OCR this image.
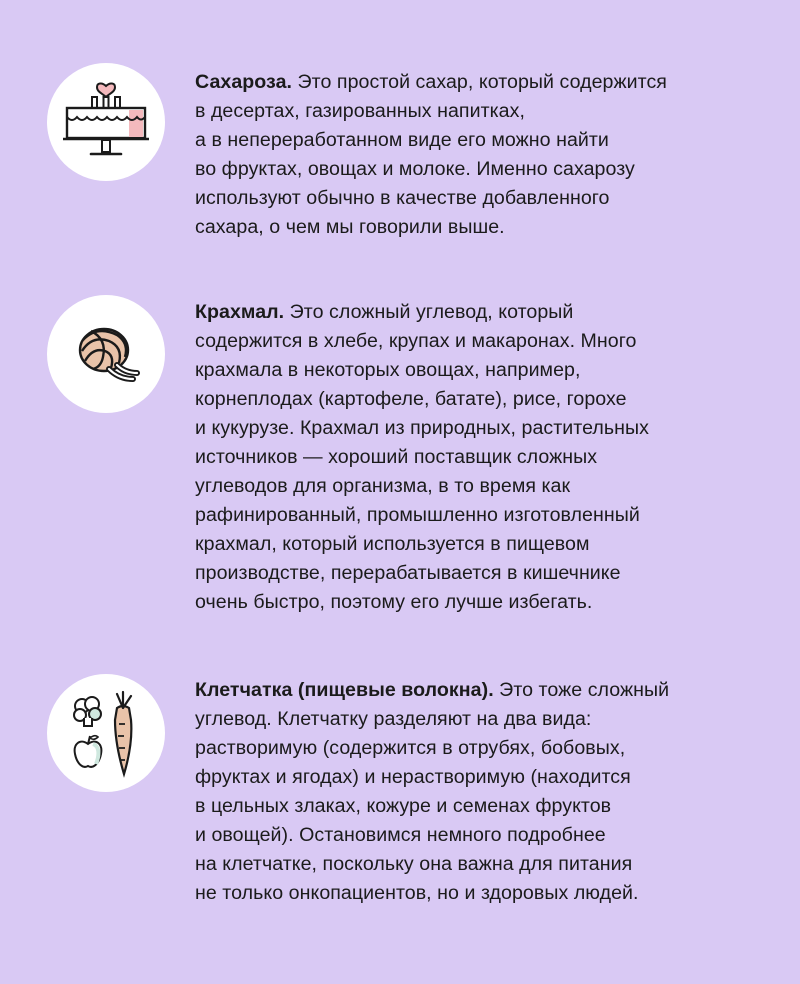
Сахароза. Это простой сахар, который содержится
в десертах, газированных напитках,
а в непереработанном виде его можно найти
во фруктах, овощах и молоке. Именно сахарозу
используют обычно в качестве добавленного
сахара, о чем мы говорили выше.
Крахмал. Это сложный углевод, который
содержится в хлебе, крупах и макаронах. Много
крахмала в некоторых овощах, например,
корнеплодах (картофеле, батате), рисе, горохе
и кукурузе. Крахмал из природных, растительных
источников — хороший поставщик сложных
углеводов для организма, в то время как
рафинированный, промышленно изготовленный
крахмал, который используется в пищевом
производстве, перерабатывается в кишечнике
очень быстро, поэтому его лучше избегать.
Клетчатка (пищевые волокна). Это тоже сложный
углевод. Клетчатку разделяют на два вида:
растворимую (содержится в отрубях, бобовых,
фруктах и ягодах) и нерастворимую (находится
в цельных злаках, кожуре и семенах фруктов
и овощей). Остановимся немного подробнее
на клетчатке, поскольку она важна для питания
не только онкопациентов, но и здоровых людей.
